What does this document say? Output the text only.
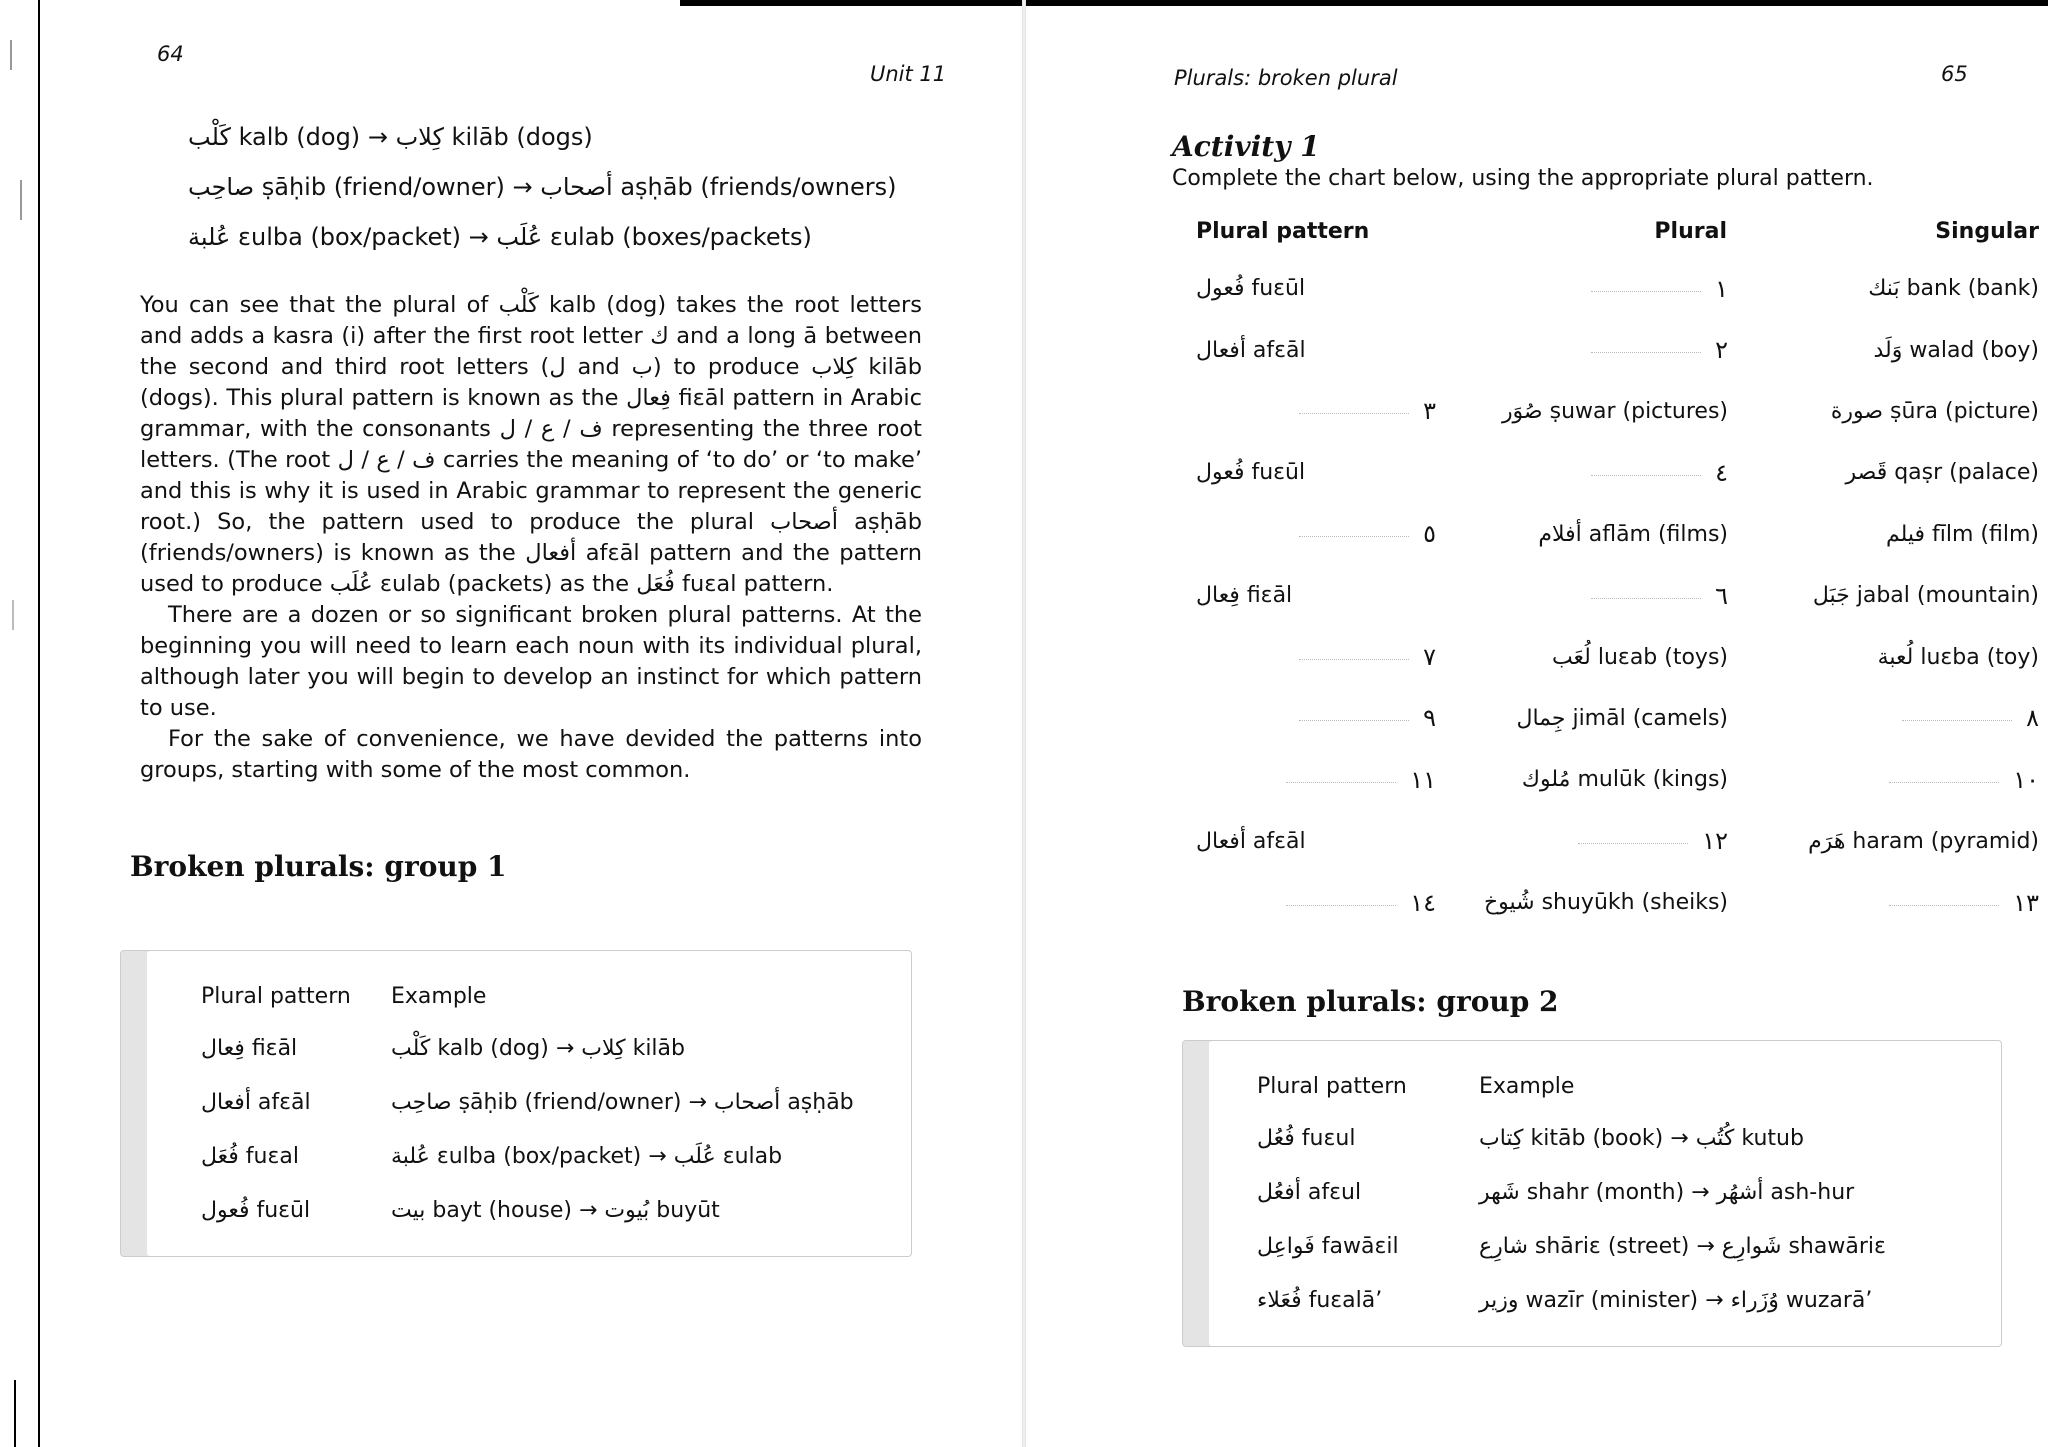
64
Unit 11
كَلْب kalb (dog) → كِلاب kilāb (dogs)
صاحِب ṣāḥib (friend/owner) → أصحاب aṣḥāb (friends/owners)
عُلبة ɛulba (box/packet) → عُلَب ɛulab (boxes/packets)

You can see that the plural of كَلْب kalb (dog) takes the root letters and adds a kasra (i) after the first root letter ك and a long ā between the second and third root letters (ل and ب) to produce كِلاب kilāb (dogs). This plural pattern is known as the فِعال fiɛāl pattern in Arabic grammar, with the consonants ف / ع / ل representing the three root letters. (The root ف / ع / ل carries the meaning of ‘to do’ or ‘to make’ and this is why it is used in Arabic grammar to represent the generic root.) So, the pattern used to produce the plural أصحاب aṣḥāb (friends/owners) is known as the أفعال afɛāl pattern and the pattern used to produce عُلَب ɛulab (packets) as the فُعَل fuɛal pattern.

There are a dozen or so significant broken plural patterns. At the beginning you will need to learn each noun with its individual plural, although later you will begin to develop an instinct for which pattern to use.

For the sake of convenience, we have devided the patterns into groups, starting with some of the most common.

Broken plurals: group 1
Plural pattern	Example
فِعال fiɛāl	كَلْب kalb (dog) → كِلاب kilāb
أفعال afɛāl	صاحِب ṣāḥib (friend/owner) → أصحاب aṣḥāb
فُعَل fuɛal	عُلبة ɛulba (box/packet) → عُلَب ɛulab
فُعول fuɛūl	بيت bayt (house) → بُيوت buyūt
Plurals: broken plural	65
Activity 1
Complete the chart below, using the appropriate plural pattern.
Plural pattern	Plural	Singular
فُعول fuɛūl	١	بَنك bank (bank)
أفعال afɛāl	٢	وَلَد walad (boy)
٣	صُوَر ṣuwar (pictures)	صورة ṣūra (picture)
فُعول fuɛūl	٤	قَصر qaṣr (palace)
٥	أفلام aflām (films)	فيلم fīlm (film)
فِعال fiɛāl	٦	جَبَل jabal (mountain)
٧	لُعَب luɛab (toys)	لُعبة luɛba (toy)
٩	جِمال jimāl (camels)	٨
١١	مُلوك mulūk (kings)	١٠
أفعال afɛāl	١٢	هَرَم haram (pyramid)
١٤	شُيوخ shuyūkh (sheiks)	١٣
Broken plurals: group 2
Plural pattern	Example
فُعُل fuɛul	كِتاب kitāb (book) → كُتُب kutub
أفعُل afɛul	شَهر shahr (month) → أشهُر ash-hur
فَواعِل fawāɛil	شارِع shāriɛ (street) → شَوارِع shawāriɛ
فُعَلاء fuɛalā’	وزير wazīr (minister) → وُزَراء wuzarā’
